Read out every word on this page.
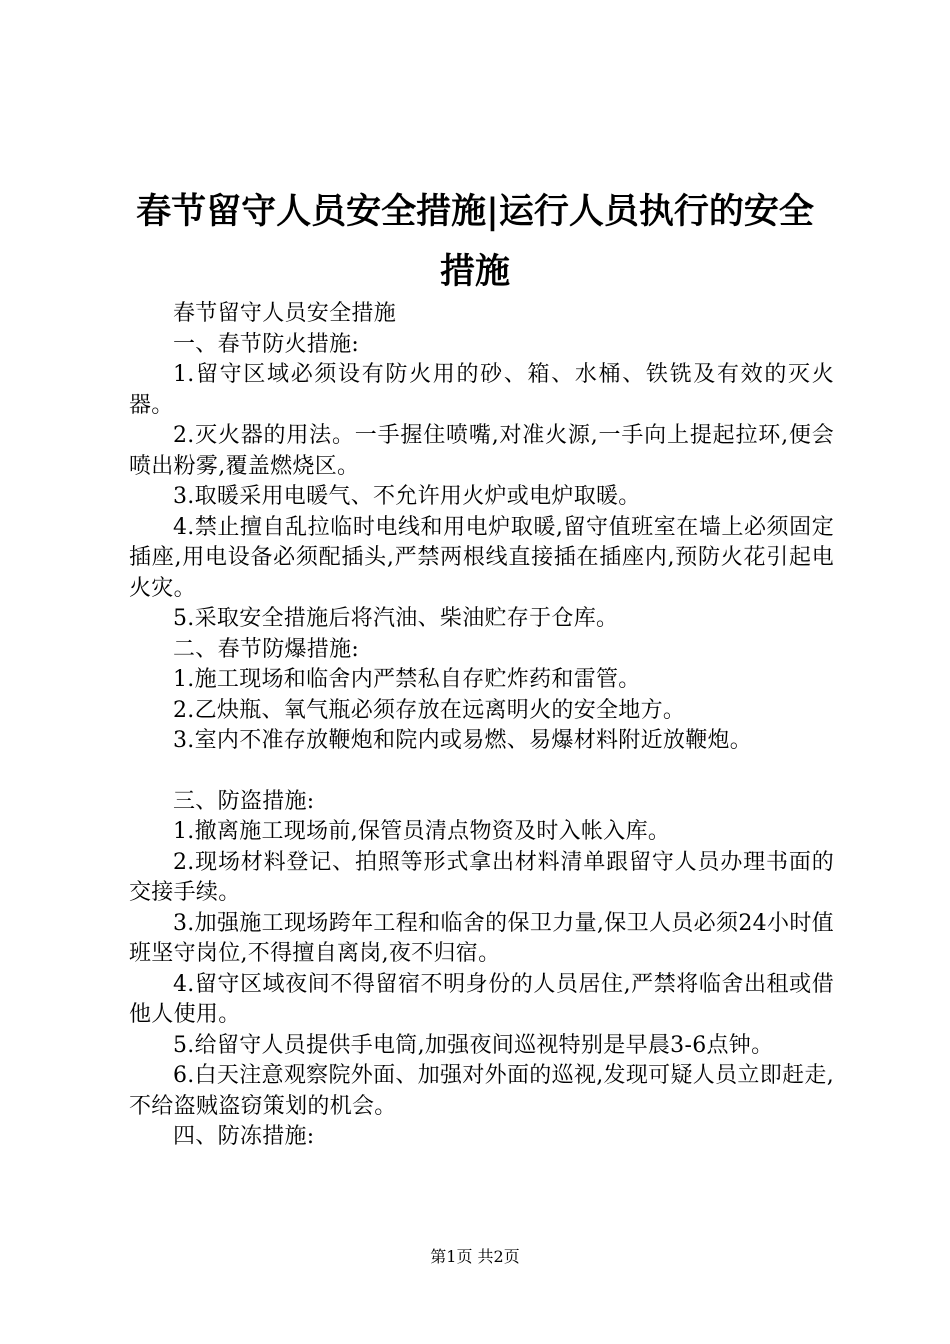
春节留守人员安全措施|运行人员执行的安全措施

春节留守人员安全措施

一、春节防火措施:

1.留守区域必须设有防火用的砂、箱、水桶、铁铣及有效的灭火器。

2.灭火器的用法。一手握住喷嘴,对准火源,一手向上提起拉环,便会喷出粉雾,覆盖燃烧区。

3.取暖采用电暖气、不允许用火炉或电炉取暖。

4.禁止擅自乱拉临时电线和用电炉取暖,留守值班室在墙上必须固定插座,用电设备必须配插头,严禁两根线直接插在插座内,预防火花引起电火灾。

5.采取安全措施后将汽油、柴油贮存于仓库。

二、春节防爆措施:

1.施工现场和临舍内严禁私自存贮炸药和雷管。

2.乙炔瓶、氧气瓶必须存放在远离明火的安全地方。

3.室内不准存放鞭炮和院内或易燃、易爆材料附近放鞭炮。

三、防盗措施:

1.撤离施工现场前,保管员清点物资及时入帐入库。

2.现场材料登记、拍照等形式拿出材料清单跟留守人员办理书面的交接手续。

3.加强施工现场跨年工程和临舍的保卫力量,保卫人员必须24小时值班坚守岗位,不得擅自离岗,夜不归宿。

4.留守区域夜间不得留宿不明身份的人员居住,严禁将临舍出租或借他人使用。

5.给留守人员提供手电筒,加强夜间巡视特别是早晨3-6点钟。

6.白天注意观察院外面、加强对外面的巡视,发现可疑人员立即赶走,不给盗贼盗窃策划的机会。

四、防冻措施:

第1页 共2页
